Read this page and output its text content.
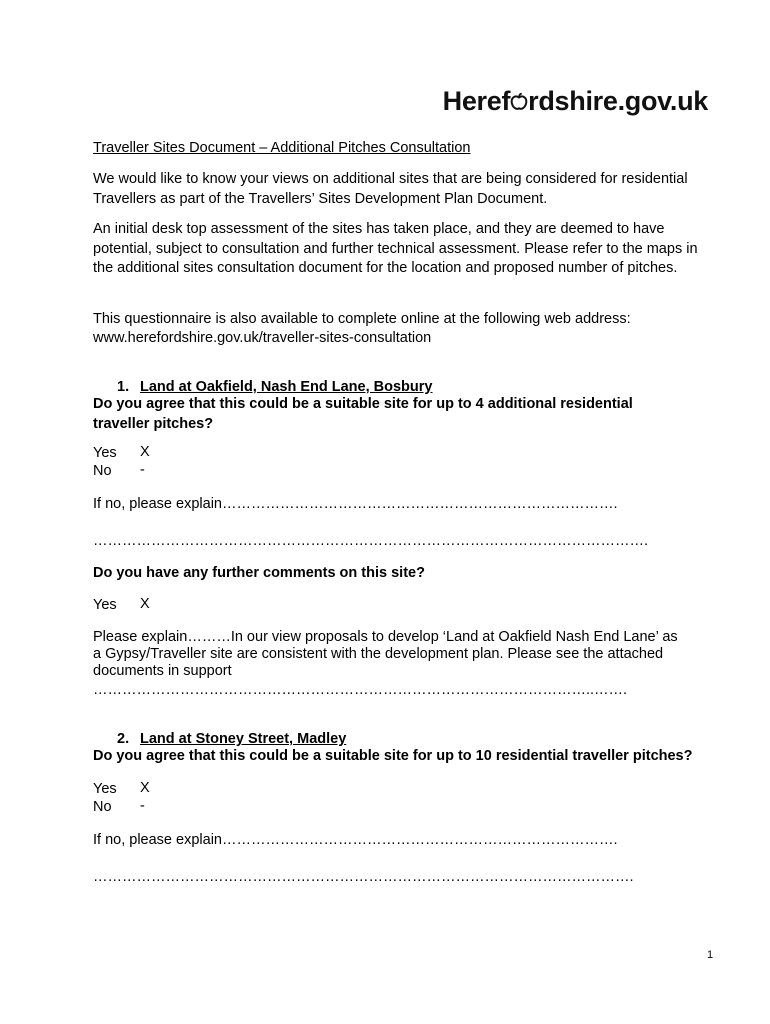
Heref rdshire.gov.uk

Traveller Sites Document – Additional Pitches Consultation

We would like to know your views on additional sites that are being considered for residential Travellers as part of the Travellers’ Sites Development Plan Document.

An initial desk top assessment of the sites has taken place, and they are deemed to have potential, subject to consultation and further technical assessment. Please refer to the maps in the additional sites consultation document for the location and proposed number of pitches.

This questionnaire is also available to complete online at the following web address:

www.herefordshire.gov.uk/traveller-sites-consultation

1. Land at Oakfield, Nash End Lane, Bosbury

Do you agree that this could be a suitable site for up to 4 additional residential traveller pitches?

Yes X

No -

If no, please explain……………………………………………………………………….

…………………………………………………………………………………………………….

Do you have any further comments on this site?

Yes X

Please explain………In our view proposals to develop ‘Land at Oakfield Nash End Lane’ as a Gypsy/Traveller site are consistent with the development plan. Please see the attached documents in support

…………………………………………………………………………………………..…….

2. Land at Stoney Street, Madley

Do you agree that this could be a suitable site for up to 10 residential traveller pitches?

Yes X

No -

If no, please explain……………………………………………………………………….

………………………………………………………………………………………………….

1
